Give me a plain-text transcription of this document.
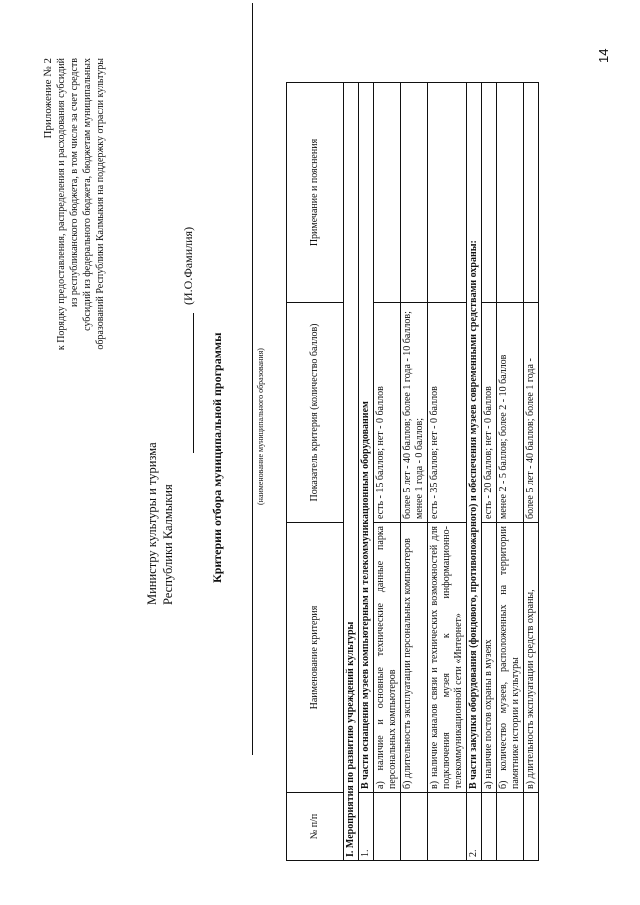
14
Приложение № 2 к Порядку предоставления, распределения и расходования субсидий из республиканского бюджета, в том числе за счет средств субсидий из федерального бюджета, бюджетам муниципальных образований Республики Калмыкия на поддержку отрасли культуры
Министру культуры и туризма Республики Калмыкия
(И.О.Фамилия)
Критерии отбора муниципальной программы	(наименование муниципального образования)
№ п/п	Наименование критерия	Показатель критерия (количество баллов)	Примечание и пояснения
I. Мероприятия по развитию учреждений культуры			
1.	В части оснащения музеев компьютерным и телекоммуникационным оборудованием		
	а) наличие и основные технические данные парка персональных компьютеров	есть - 15 баллов; нет - 0 баллов	
	б) длительность эксплуатации персональных компьютеров	более 5 лет - 40 баллов; более 1 года - 10 баллов; менее 1 года - 0 баллов;	
	в) наличие каналов связи и технических возможностей для подключения музея к информационно-телекоммуникационной сети «Интернет»	есть - 35 баллов; нет - 0 баллов	
2.	В части закупки оборудования (фондового, противопожарного) и обеспечения музеев современными средствами охраны:		
	а) наличие постов охраны в музеях	есть - 20 баллов; нет - 0 баллов	
	б) количество музеев, расположенных на территории памятнике истории и культуры	менее 2 - 5 баллов; более 2 - 10 баллов	
	в) длительность эксплуатации средств охраны,	более 5 лет - 40 баллов; более 1 года -	
